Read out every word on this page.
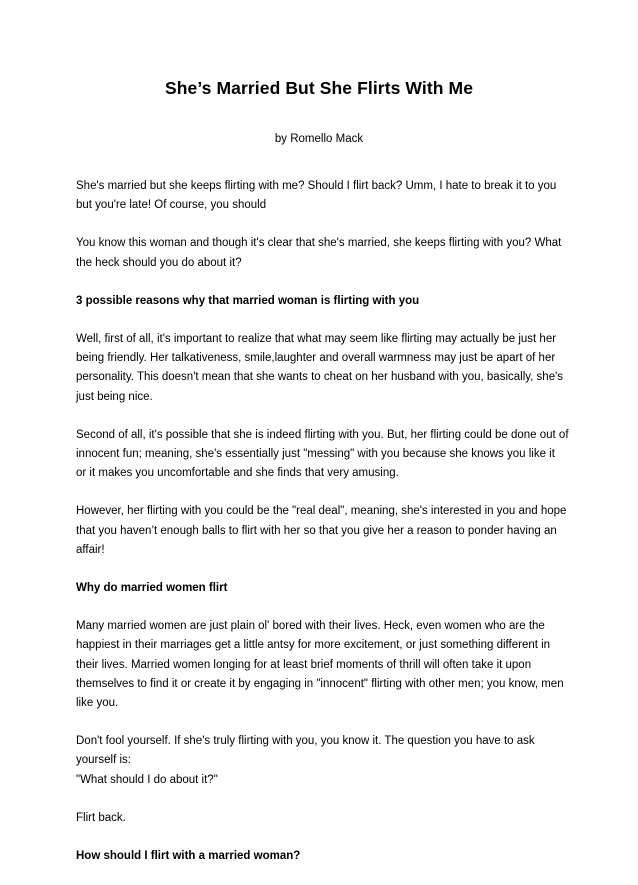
She’s Married But She Flirts With Me
by Romello Mack

She's married but she keeps flirting with me? Should I flirt back? Umm, I hate to break it to you
but you're late! Of course, you should

You know this woman and though it's clear that she's married, she keeps flirting with you? What
the heck should you do about it?

3 possible reasons why that married woman is flirting with you

Well, first of all, it's important to realize that what may seem like flirting may actually be just her
being friendly. Her talkativeness, smile,laughter and overall warmness may just be apart of her
personality. This doesn't mean that she wants to cheat on her husband with you, basically, she's
just being nice.

Second of all, it's possible that she is indeed flirting with you. But, her flirting could be done out of
innocent fun; meaning, she's essentially just "messing" with you because she knows you like it
or it makes you uncomfortable and she finds that very amusing.

However, her flirting with you could be the "real deal", meaning, she's interested in you and hope
that you haven’t enough balls to flirt with her so that you give her a reason to ponder having an
affair!

Why do married women flirt

Many married women are just plain ol' bored with their lives. Heck, even women who are the
happiest in their marriages get a little antsy for more excitement, or just something different in
their lives. Married women longing for at least brief moments of thrill will often take it upon
themselves to find it or create it by engaging in "innocent" flirting with other men; you know, men
like you.

Don't fool yourself. If she's truly flirting with you, you know it. The question you have to ask
yourself is:
"What should I do about it?"

Flirt back.

How should I flirt with a married woman?
